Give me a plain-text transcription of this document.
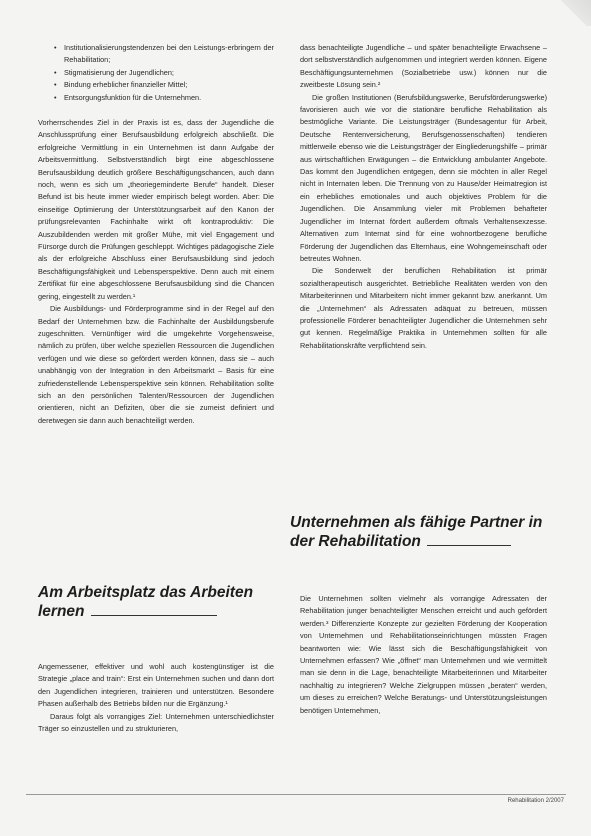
• Institutionalisierungstendenzen bei den Leistungs-erbringern der Rehabilitation;
• Stigmatisierung der Jugendlichen;
• Bindung erheblicher finanzieller Mittel;
• Entsorgungsfunktion für die Unternehmen.

Vorherrschendes Ziel in der Praxis ist es, dass der Jugendliche die Anschlussprüfung einer Berufsausbildung erfolgreich abschließt. Die erfolgreiche Vermittlung in ein Unternehmen ist dann Aufgabe der Arbeitsvermittlung. Selbstverständlich birgt eine abgeschlossene Berufsausbildung deutlich größere Beschäftigungschancen, auch dann noch, wenn es sich um „theoriegeminderte Berufe“ handelt. Dieser Befund ist bis heute immer wieder empirisch belegt worden. Aber: Die einseitige Optimierung der Unterstützungsarbeit auf den Kanon der prüfungsrelevanten Fachinhalte wirkt oft kontraproduktiv: Die Auszubildenden werden mit großer Mühe, mit viel Engagement und Fürsorge durch die Prüfungen geschleppt. Wichtiges pädagogische Ziele als der erfolgreiche Abschluss einer Berufsausbildung sind jedoch Beschäftigungsfähigkeit und Lebensperspektive. Denn auch mit einem Zertifikat für eine abgeschlossene Berufsausbildung sind die Chancen gering, eingestellt zu werden.¹

Die Ausbildungs- und Förderprogramme sind in der Regel auf den Bedarf der Unternehmen bzw. die Fachinhalte der Ausbildungsberufe zugeschnitten. Vernünftiger wird die umgekehrte Vorgehensweise, nämlich zu prüfen, über welche speziellen Ressourcen die Jugendlichen verfügen und wie diese so gefördert werden können, dass sie – auch unabhängig von der Integration in den Arbeitsmarkt – Basis für eine zufriedenstellende Lebensperspektive sein können. Rehabilitation sollte sich an den persönlichen Talenten/Ressourcen der Jugendlichen orientieren, nicht an Defiziten, über die sie zumeist definiert und deretwegen sie dann auch benachteiligt werden.

Am Arbeitsplatz das Arbeiten lernen

Angemessener, effektiver und wohl auch kostengünstiger ist die Strategie „place and train“: Erst ein Unternehmen suchen und dann dort den Jugendlichen integrieren, trainieren und unterstützen. Besondere Phasen außerhalb des Betriebs bilden nur die Ergänzung.¹

Daraus folgt als vorrangiges Ziel: Unternehmen unterschiedlichster Träger so einzustellen und zu strukturieren,

dass benachteiligte Jugendliche – und später benachteiligte Erwachsene – dort selbstverständlich aufgenommen und integriert werden können. Eigene Beschäftigungsunternehmen (Sozialbetriebe usw.) können nur die zweitbeste Lösung sein.²

Die großen Institutionen (Berufsbildungswerke, Berufsförderungswerke) favorisieren auch wie vor die stationäre berufliche Rehabilitation als bestmögliche Variante. Die Leistungsträger (Bundesagentur für Arbeit, Deutsche Rentenversicherung, Berufsgenossenschaften) tendieren mittlerweile ebenso wie die Leistungsträger der Eingliederungshilfe – primär aus wirtschaftlichen Erwägungen – die Entwicklung ambulanter Angebote. Das kommt den Jugendlichen entgegen, denn sie möchten in aller Regel nicht in Internaten leben. Die Trennung von zu Hause/der Heimatregion ist ein erhebliches emotionales und auch objektives Problem für die Jugendlichen. Die Ansammlung vieler mit Problemen behafteter Jugendlicher im Internat fördert außerdem oftmals Verhaltensexzesse. Alternativen zum Internat sind für eine wohnortbezogene berufliche Förderung der Jugendlichen das Elternhaus, eine Wohngemeinschaft oder betreutes Wohnen.

Die Sonderwelt der beruflichen Rehabilitation ist primär sozialtherapeutisch ausgerichtet. Betriebliche Realitäten werden von den Mitarbeiterinnen und Mitarbeitern nicht immer gekannt bzw. anerkannt. Um die „Unternehmen“ als Adressaten adäquat zu betreuen, müssen professionelle Förderer benachteiligter Jugendlicher die Unternehmen sehr gut kennen. Regelmäßige Praktika in Unternehmen sollten für alle Rehabilitationskräfte verpflichtend sein.

Unternehmen als fähige Partner in der Rehabilitation

Die Unternehmen sollten vielmehr als vorrangige Adressaten der Rehabilitation junger benachteiligter Menschen erreicht und auch gefördert werden.³ Differenzierte Konzepte zur gezielten Förderung der Kooperation von Unternehmen und Rehabilitationseinrichtungen müssten Fragen beantworten wie: Wie lässt sich die Beschäftigungsfähigkeit von Unternehmen erfassen? Wie „öffnet“ man Unternehmen und wie vermittelt man sie denn in die Lage, benachteiligte Mitarbeiterinnen und Mitarbeiter nachhaltig zu integrieren? Welche Zielgruppen müssen „beraten“ werden, um dieses zu erreichen? Welche Beratungs- und Unterstützungsleistungen benötigen Unternehmen,

Rehabilitation 2/2007
